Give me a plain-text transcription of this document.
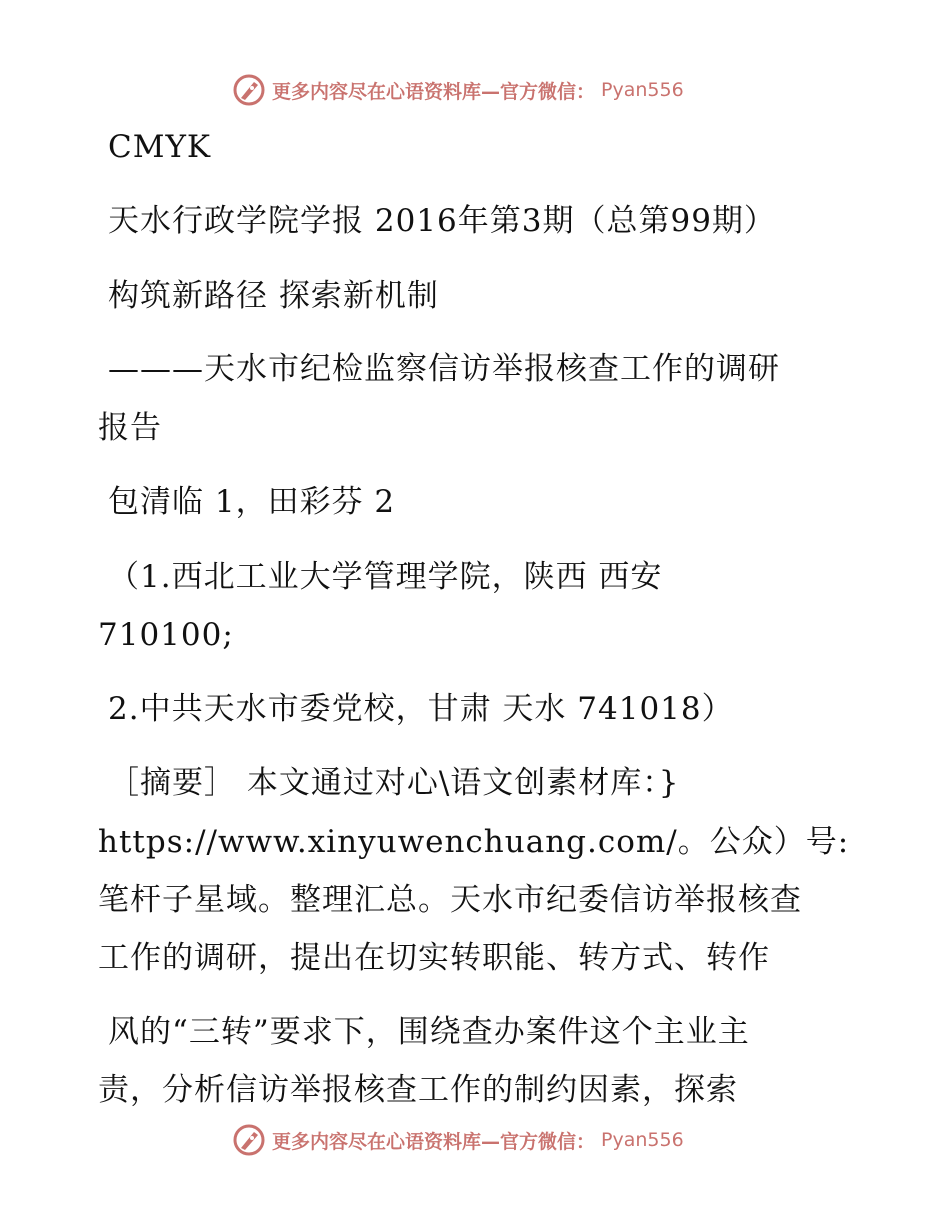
更多内容尽在心语资料库—官方微信： Pyan556
CMYK
天水行政学院学报 2016年第3期（总第99期）
构筑新路径 探索新机制
———天水市纪检监察信访举报核查工作的调研
报告
包清临 1，田彩芬 2
（1.西北工业大学管理学院，陕西 西安
710100;
2.中共天水市委党校，甘肃 天水 741018）
［摘要］ 本文通过对心\语文创素材库：}
https://www.xinyuwenchuang.com/。公众）号:
笔杆子星域。整理汇总。天水市纪委信访举报核查
工作的调研，提出在切实转职能、转方式、转作
风的“三转”要求下，围绕查办案件这个主业主
责，分析信访举报核查工作的制约因素，探索
更多内容尽在心语资料库—官方微信： Pyan556
